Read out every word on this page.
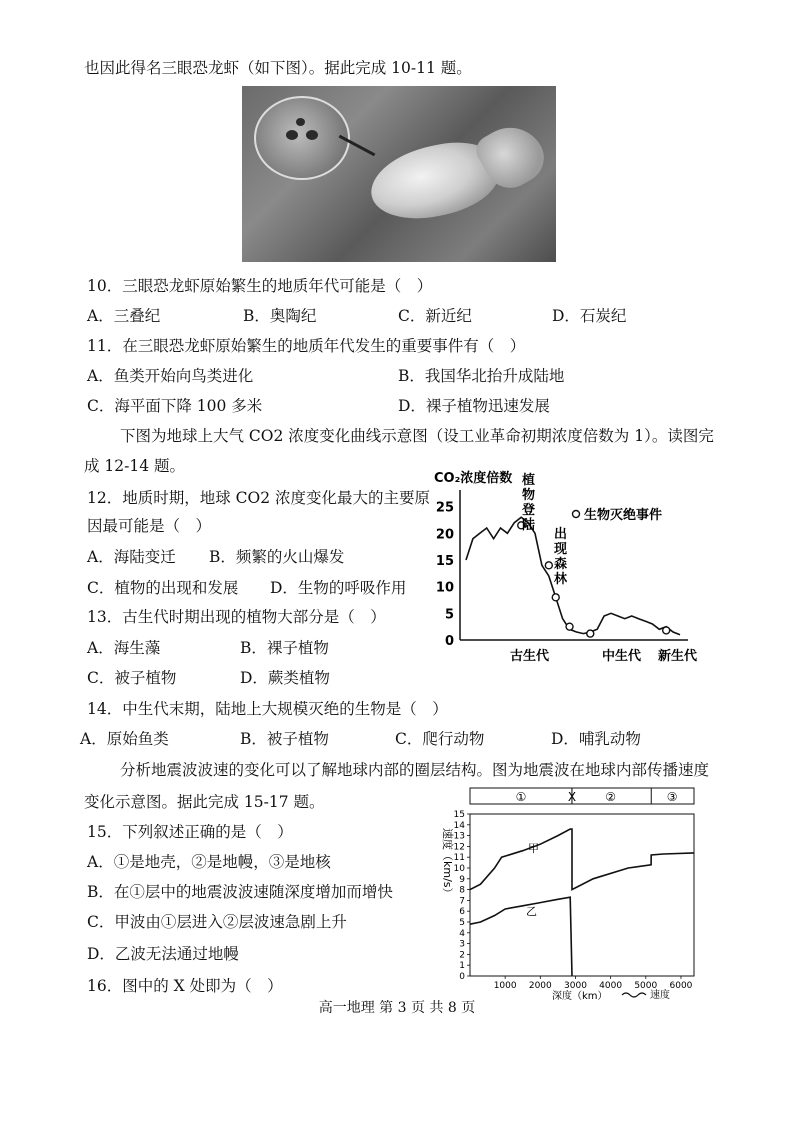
也因此得名三眼恐龙虾（如下图）。据此完成 10-11 题。
10．三眼恐龙虾原始繁生的地质年代可能是（　）
A．三叠纪	B．奥陶纪	C．新近纪	D．石炭纪
11．在三眼恐龙虾原始繁生的地质年代发生的重要事件有（　）
A．鱼类开始向鸟类进化	B．我国华北抬升成陆地
C．海平面下降 100 多米	D．裸子植物迅速发展
下图为地球上大气 CO2 浓度变化曲线示意图（设工业革命初期浓度倍数为 1）。读图完
成 12-14 题。
12．地质时期，地球 CO2 浓度变化最大的主要原
因最可能是（　）
A．海陆变迁 B．频繁的火山爆发
C．植物的出现和发展 D．生物的呼吸作用
13．古生代时期出现的植物大部分是（　）
A．海生藻	B．裸子植物
C．被子植物	D．蕨类植物
14．中生代末期，陆地上大规模灭绝的生物是（　）
A．原始鱼类	B．被子植物	C．爬行动物	D．哺乳动物
分析地震波波速的变化可以了解地球内部的圈层结构。图为地震波在地球内部传播速度
变化示意图。据此完成 15-17 题。
15．下列叙述正确的是（　）
A．①是地壳，②是地幔，③是地核
B．在①层中的地震波波速随深度增加而增快
C．甲波由①层进入②层波速急剧上升
D．乙波无法通过地幔
16．图中的 X 处即为（　）
CO₂浓度倍数
0
5
10
15
20
25
植
物
登
陆
出
现
森
林
生物灭绝事件
古生代	中生代 新生代
①	X ②	③
0
1
2
3
4
5
6
7
8
9
10
11
12
13
14
15
1000 2000 3000 4000 5000 6000
速度（km/s）	甲
乙
深度（km）	速度
高一地理 第 3 页 共 8 页
